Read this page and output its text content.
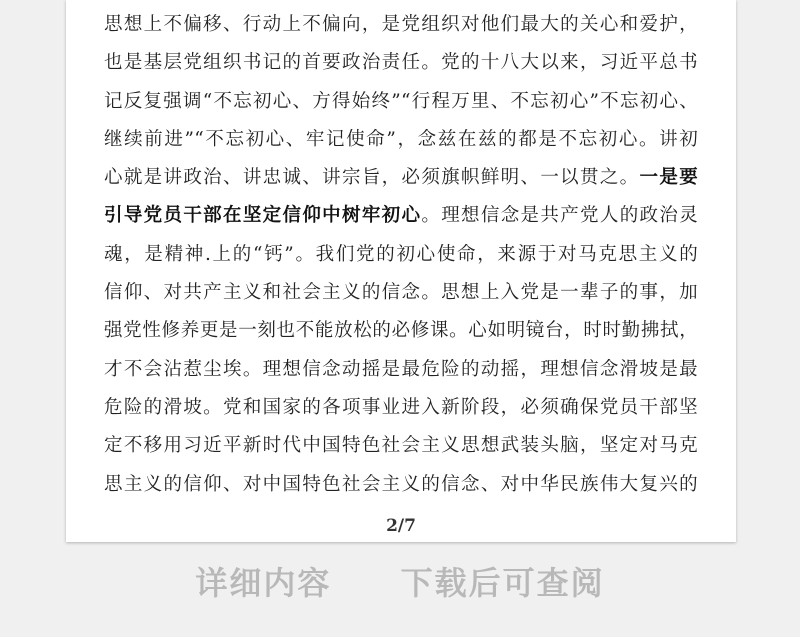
思想上不偏移、行动上不偏向，是党组织对他们最大的关心和爱护，
也是基层党组织书记的首要政治责任。党的十八大以来，习近平总书
记反复强调“不忘初心、方得始终”“行程万里、不忘初心”不忘初心、
继续前进”“不忘初心、牢记使命”，念兹在兹的都是不忘初心。讲初
心就是讲政治、讲忠诚、讲宗旨，必须旗帜鲜明、一以贯之。一是要
引导党员干部在坚定信仰中树牢初心。理想信念是共产党人的政治灵
魂，是精神.上的“钙”。我们党的初心使命，来源于对马克思主义的
信仰、对共产主义和社会主义的信念。思想上入党是一辈子的事，加
强党性修养更是一刻也不能放松的必修课。心如明镜台，时时勤拂拭，
才不会沾惹尘埃。理想信念动摇是最危险的动摇，理想信念滑坡是最
危险的滑坡。党和国家的各项事业进入新阶段，必须确保党员干部坚
定不移用习近平新时代中国特色社会主义思想武装头脑，坚定对马克
思主义的信仰、对中国特色社会主义的信念、对中华民族伟大复兴的
2/7
详细内容 下载后可查阅
